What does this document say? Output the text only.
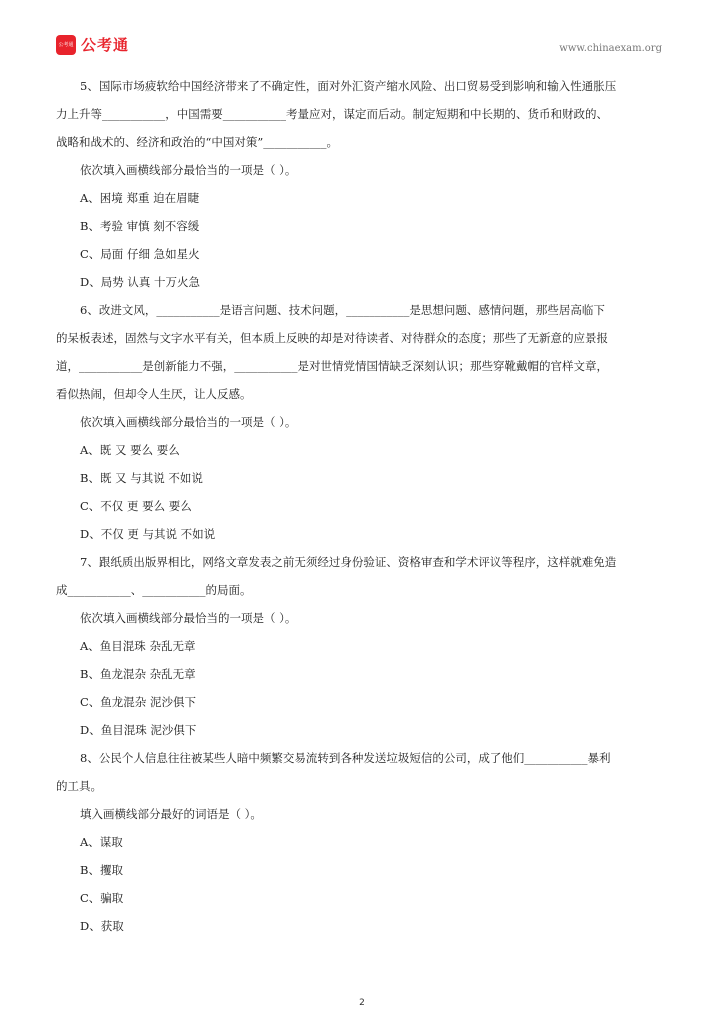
公考通 公考通	www.chinaexam.org
5、国际市场疲软给中国经济带来了不确定性，面对外汇资产缩水风险、出口贸易受到影响和输入性通胀压
力上升等___________，中国需要___________考量应对，谋定而后动。制定短期和中长期的、货币和财政的、
战略和战术的、经济和政治的“中国对策”___________。
依次填入画横线部分最恰当的一项是（ ）。
A、困境 郑重 迫在眉睫
B、考验 审慎 刻不容缓
C、局面 仔细 急如星火
D、局势 认真 十万火急
6、改进文风，___________是语言问题、技术问题，___________是思想问题、感情问题，那些居高临下
的呆板表述，固然与文字水平有关，但本质上反映的却是对待读者、对待群众的态度；那些了无新意的应景报
道，___________是创新能力不强，___________是对世情党情国情缺乏深刻认识；那些穿靴戴帽的官样文章，
看似热闹，但却令人生厌，让人反感。
依次填入画横线部分最恰当的一项是（ ）。
A、既 又 要么 要么
B、既 又 与其说 不如说
C、不仅 更 要么 要么
D、不仅 更 与其说 不如说
7、跟纸质出版界相比，网络文章发表之前无须经过身份验证、资格审查和学术评议等程序，这样就难免造
成___________、___________的局面。
依次填入画横线部分最恰当的一项是（ ）。
A、鱼目混珠 杂乱无章
B、鱼龙混杂 杂乱无章
C、鱼龙混杂 泥沙俱下
D、鱼目混珠 泥沙俱下
8、公民个人信息往往被某些人暗中频繁交易流转到各种发送垃圾短信的公司，成了他们___________暴利
的工具。
填入画横线部分最好的词语是（ ）。
A、谋取
B、攫取
C、骗取
D、获取
2
